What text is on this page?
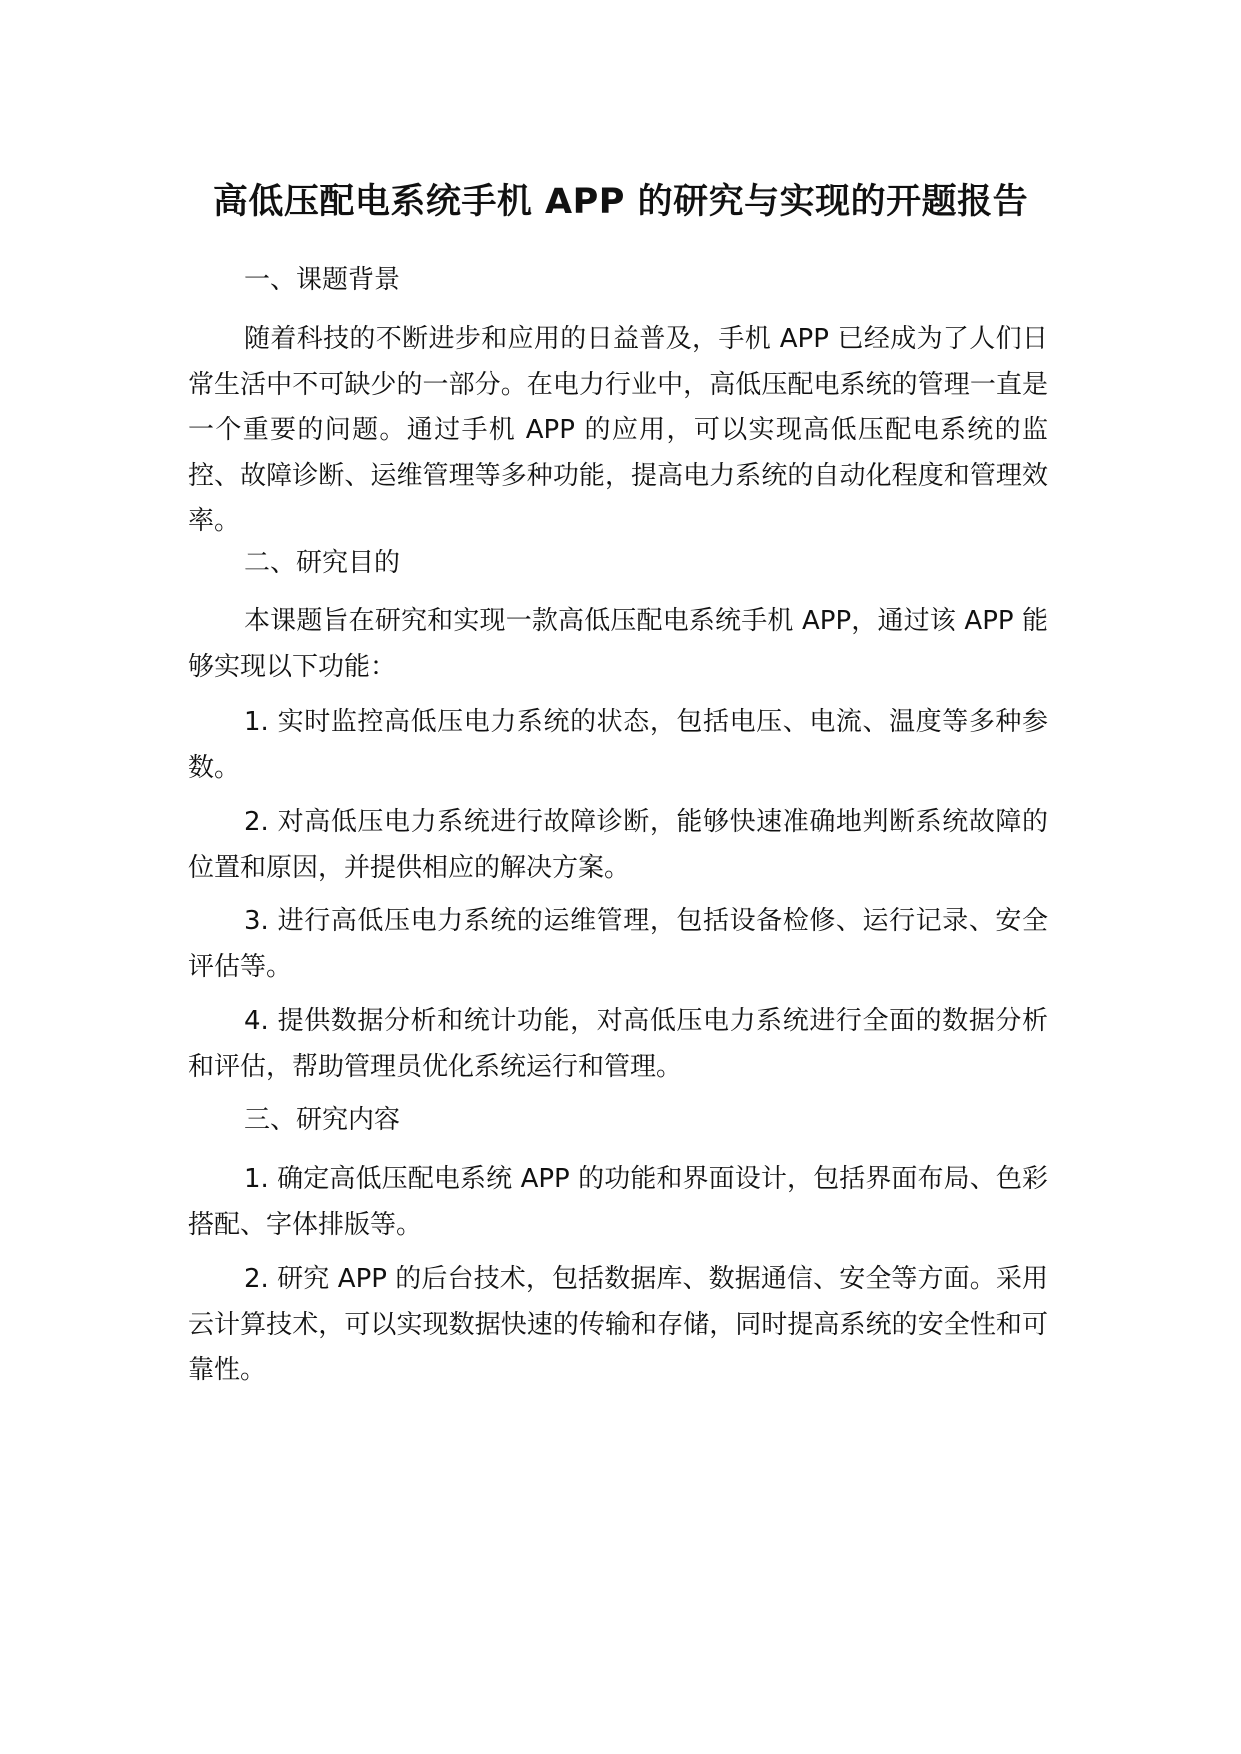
高低压配电系统手机 APP 的研究与实现的开题报告
一、课题背景

随着科技的不断进步和应用的日益普及，手机 APP 已经成为了人们日常生活中不可缺少的一部分。在电力行业中，高低压配电系统的管理一直是一个重要的问题。通过手机 APP 的应用，可以实现高低压配电系统的监控、故障诊断、运维管理等多种功能，提高电力系统的自动化程度和管理效率。

二、研究目的

本课题旨在研究和实现一款高低压配电系统手机 APP，通过该 APP 能够实现以下功能：

1. 实时监控高低压电力系统的状态，包括电压、电流、温度等多种参数。

2. 对高低压电力系统进行故障诊断，能够快速准确地判断系统故障的位置和原因，并提供相应的解决方案。

3. 进行高低压电力系统的运维管理，包括设备检修、运行记录、安全评估等。

4. 提供数据分析和统计功能，对高低压电力系统进行全面的数据分析和评估，帮助管理员优化系统运行和管理。

三、研究内容

1. 确定高低压配电系统 APP 的功能和界面设计，包括界面布局、色彩搭配、字体排版等。

2. 研究 APP 的后台技术，包括数据库、数据通信、安全等方面。采用云计算技术，可以实现数据快速的传输和存储，同时提高系统的安全性和可靠性。
